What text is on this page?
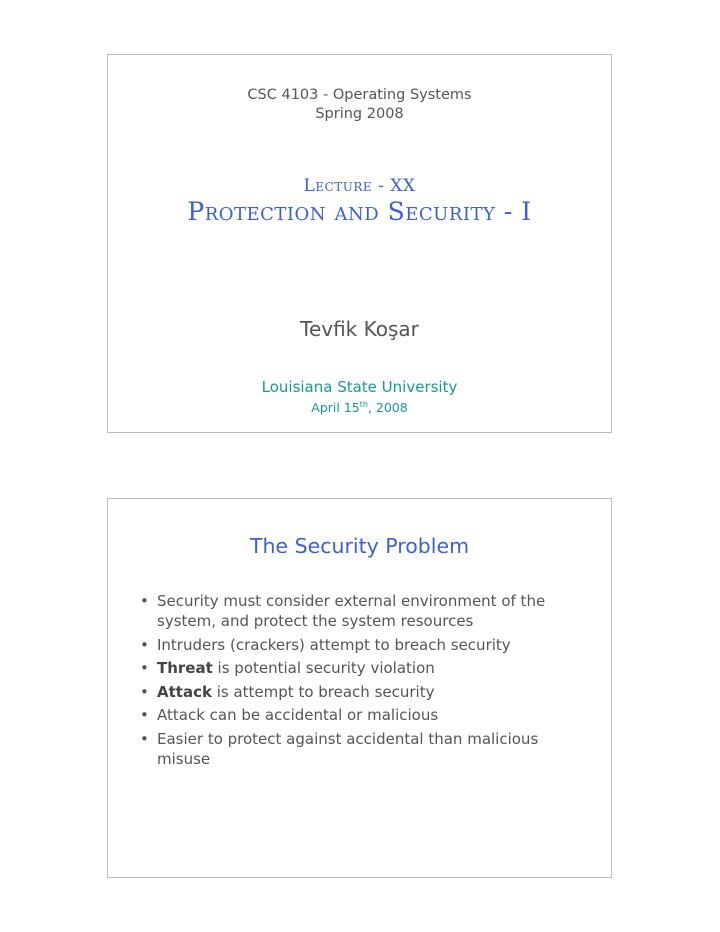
CSC 4103 - Operating Systems
Spring 2008
Lecture - XX
Protection and Security - I
Tevfik Koşar
Louisiana State University
April 15th, 2008
The Security Problem
• Security must consider external environment of the system, and protect the system resources
• Intruders (crackers) attempt to breach security
• Threat is potential security violation
• Attack is attempt to breach security
• Attack can be accidental or malicious
• Easier to protect against accidental than malicious misuse
